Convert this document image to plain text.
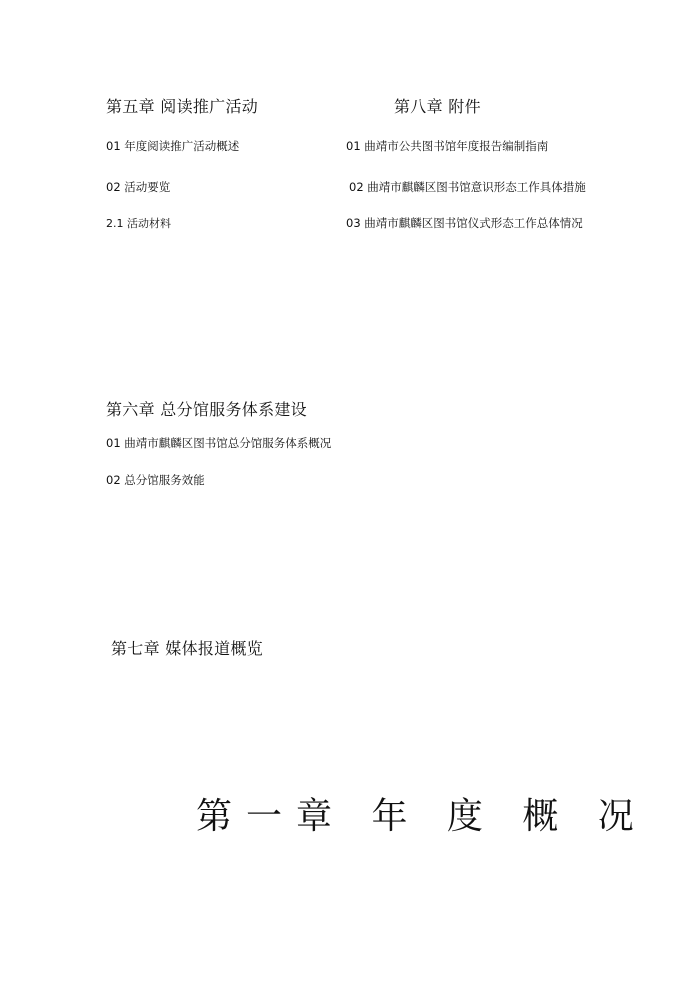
第五章 阅读推广活动
01 年度阅读推广活动概述
02 活动要览
2.1 活动材料
第八章 附件
01 曲靖市公共图书馆年度报告编制指南
02 曲靖市麒麟区图书馆意识形态工作具体措施
03 曲靖市麒麟区图书馆仪式形态工作总体情况
第六章 总分馆服务体系建设
01 曲靖市麒麟区图书馆总分馆服务体系概况
02 总分馆服务效能
第七章 媒体报道概览
第一章 年 度 概 况
